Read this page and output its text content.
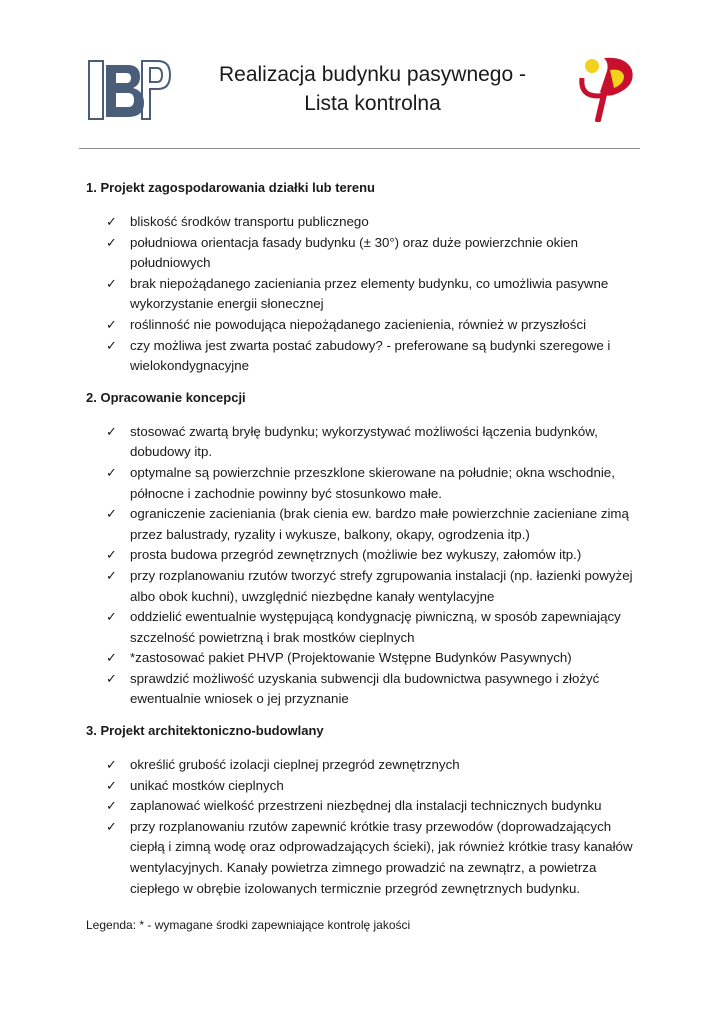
Realizacja budynku pasywnego -
Lista kontrolna
1. Projekt zagospodarowania działki lub terenu
✓ bliskość środków transportu publicznego
✓ południowa orientacja fasady budynku (± 30°) oraz duże powierzchnie okien południowych
✓ brak niepożądanego zacieniania przez elementy budynku, co umożliwia pasywne wykorzystanie energii słonecznej
✓ roślinność nie powodująca niepożądanego zacienienia, również w przyszłości
✓ czy możliwa jest zwarta postać zabudowy? - preferowane są budynki szeregowe i wielokondygnacyjne
2. Opracowanie koncepcji
✓ stosować zwartą bryłę budynku; wykorzystywać możliwości łączenia budynków, dobudowy itp.
✓ optymalne są powierzchnie przeszklone skierowane na południe; okna wschodnie, północne i zachodnie powinny być stosunkowo małe.
✓ ograniczenie zacieniania (brak cienia ew. bardzo małe powierzchnie zacieniane zimą przez balustrady, ryzality i wykusze, balkony, okapy, ogrodzenia itp.)
✓ prosta budowa przegród zewnętrznych (możliwie bez wykuszy, załomów itp.)
✓ przy rozplanowaniu rzutów tworzyć strefy zgrupowania instalacji (np. łazienki powyżej albo obok kuchni), uwzględnić niezbędne kanały wentylacyjne
✓ oddzielić ewentualnie występującą kondygnację piwniczną, w sposób zapewniający szczelność powietrzną i brak mostków cieplnych
✓ *zastosować pakiet PHVP (Projektowanie Wstępne Budynków Pasywnych)
✓ sprawdzić możliwość uzyskania subwencji dla budownictwa pasywnego i złożyć ewentualnie wniosek o jej przyznanie
3. Projekt architektoniczno-budowlany
✓ określić grubość izolacji cieplnej przegród zewnętrznych
✓ unikać mostków cieplnych
✓ zaplanować wielkość przestrzeni niezbędnej dla instalacji technicznych budynku
✓ przy rozplanowaniu rzutów zapewnić krótkie trasy przewodów (doprowadzających ciepłą i zimną wodę oraz odprowadzających ścieki), jak również krótkie trasy kanałów wentylacyjnych. Kanały powietrza zimnego prowadzić na zewnątrz, a powietrza ciepłego w obrębie izolowanych termicznie przegród zewnętrznych budynku.
Legenda: * - wymagane środki zapewniające kontrolę jakości
